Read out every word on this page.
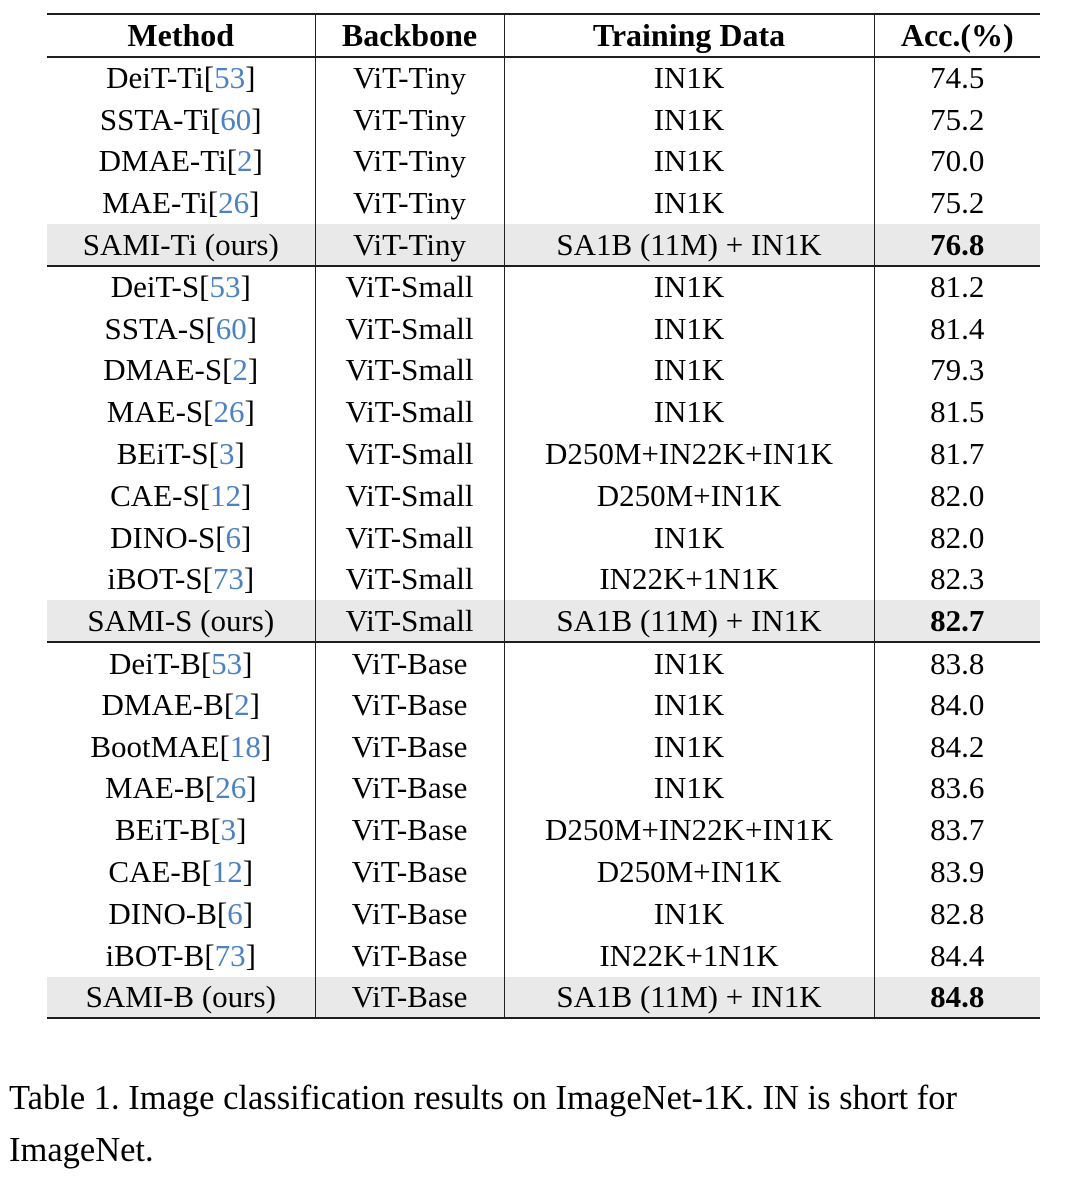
Method	Backbone	Training Data	Acc.(%)
DeiT-Ti[53]	ViT-Tiny	IN1K	74.5
SSTA-Ti[60]	ViT-Tiny	IN1K	75.2
DMAE-Ti[2]	ViT-Tiny	IN1K	70.0
MAE-Ti[26]	ViT-Tiny	IN1K	75.2
SAMI-Ti (ours)	ViT-Tiny	SA1B (11M) + IN1K	76.8
DeiT-S[53]	ViT-Small	IN1K	81.2
SSTA-S[60]	ViT-Small	IN1K	81.4
DMAE-S[2]	ViT-Small	IN1K	79.3
MAE-S[26]	ViT-Small	IN1K	81.5
BEiT-S[3]	ViT-Small	D250M+IN22K+IN1K	81.7
CAE-S[12]	ViT-Small	D250M+IN1K	82.0
DINO-S[6]	ViT-Small	IN1K	82.0
iBOT-S[73]	ViT-Small	IN22K+1N1K	82.3
SAMI-S (ours)	ViT-Small	SA1B (11M) + IN1K	82.7
DeiT-B[53]	ViT-Base	IN1K	83.8
DMAE-B[2]	ViT-Base	IN1K	84.0
BootMAE[18]	ViT-Base	IN1K	84.2
MAE-B[26]	ViT-Base	IN1K	83.6
BEiT-B[3]	ViT-Base	D250M+IN22K+IN1K	83.7
CAE-B[12]	ViT-Base	D250M+IN1K	83.9
DINO-B[6]	ViT-Base	IN1K	82.8
iBOT-B[73]	ViT-Base	IN22K+1N1K	84.4
SAMI-B (ours)	ViT-Base	SA1B (11M) + IN1K	84.8

Table 1. Image classification results on ImageNet-1K. IN is short for ImageNet.
